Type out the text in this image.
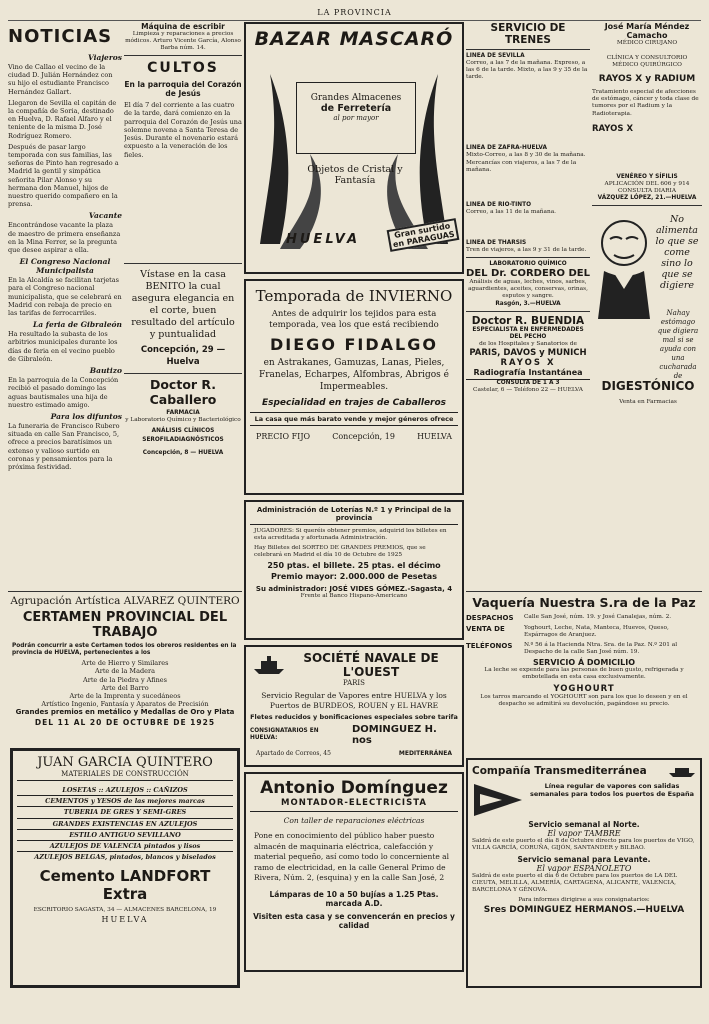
LA PROVINCIA
NOTICIAS
Viajeros

Vino de Callao el vecino de la ciudad D. Julián Hernández con su hijo el estudiante Francisco Hernández Gallart.

Llegaron de Sevilla el capitán de la compañía de Soria, destinado en Huelva, D. Rafael Alfaro y el teniente de la misma D. José Rodríguez Romero.

Después de pasar largo temporada con sus familias, las señoras de Pinto han regresado a Madrid la gentil y simpática señorita Pilar Alonso y su hermana don Manuel, hijos de nuestro querido compañero en la prensa.

Vacante

Encontrándose vacante la plaza de maestro de primera enseñanza en la Mina Ferrer, se la pregunta que desee aspirar a ella.

El Congreso Nacional Municipalista

En la Alcaldía se facilitan tarjetas para el Congreso nacional municipalista, que se celebrará en Madrid con rebaja de precio en las tarifas de ferrocarriles.

La feria de Gibraleón

Ha resultado la subasta de los arbitrios municipales durante los días de feria en el vecino pueblo de Gibraleón.

Bautizo

En la parroquia de la Concepción recibió el pasado domingo las aguas bautismales una hija de nuestro estimado amigo.

Para los difuntos

La funeraria de Francisco Rubero situada en calle San Francisco, 5, ofrece a precios baratísimos un extenso y valioso surtido en coronas y pensamientos para la próxima festividad.

Máquina de escribir

Limpieza y reparaciones a precios módicos. Arturo Vicente García, Alonso Barba núm. 14.

CULTOS
En la parroquia del Corazón de Jesús

El día 7 del corriente a las cuatro de la tarde, dará comienzo en la parroquia del Corazón de Jesús una solemne novena a Santa Teresa de Jesús. Durante el novenario estará expuesto a la veneración de los fieles.

Vístase en la casa BENITO la cual asegura elegancia en el corte, buen resultado del artículo y puntualidad
Concepción, 29 — Huelva
Doctor R. Caballero
FARMACIA
y Laboratorio Químico y Bacteriológico
ANÁLISIS CLÍNICOS
SEROFILADIAGNÓSTICOS
Concepción, 8 — HUELVA
BAZAR MASCARÓ
Grandes Almacenes
de Ferretería
al por mayor
Objetos de Cristal y Fantasía
HUELVA	Gran surtido en PARAGUAS
Temporada de INVIERNO
Antes de adquirir los tejidos para esta temporada, vea los que está recibiendo
DIEGO FIDALGO
en Astrakanes, Gamuzas, Lanas, Pieles, Franelas, Echarpes, Alfombras, Abrigos é Impermeables.
Especialidad en trajes de Caballeros
La casa que más barato vende y mejor géneros ofrece
PRECIO FIJO	Concepción, 19	HUELVA
Administración de Loterías N.º 1 y Principal de la provincia
JUGADORES: Si queréis obtener premios, adquirid los billetes en esta acreditada y afortunada Administración.
Hay Billetes del SORTEO DE GRANDES PREMIOS, que se celebrará en Madrid el día 10 de Octubre de 1925
250 ptas. el billete. 25 ptas. el décimo
Premio mayor: 2.000.000 de Pesetas
Su administrador: JOSÉ VIDES GÓMEZ.-Sagasta, 4
Frente al Banco Hispano-Americano
SOCIÉTÉ NAVALE DE L'OUEST
PARIS
Servicio Regular de Vapores entre HUELVA y los Puertos de BURDEOS, ROUEN y EL HAVRE
Fletes reducidos y bonificaciones especiales sobre tarifa
CONSIGNATARIOS EN HUELVA:
DOMINGUEZ H. nos
Apartado de Correos, 45	MEDITERRÁNEA
Antonio Domínguez
MONTADOR-ELECTRICISTA
Con taller de reparaciones eléctricas
Pone en conocimiento del público haber puesto almacén de maquinaria eléctrica, calefacción y material pequeño, así como todo lo concerniente al ramo de electricidad, en la calle General Primo de Rivera, Núm. 2, (esquina) y en la calle San José, 2
Lámparas de 10 a 50 bujías a 1.25 Ptas. marcada A.D.
Visiten esta casa y se convencerán en precios y calidad
Agrupación Artística ALVAREZ QUINTERO
CERTAMEN PROVINCIAL DEL TRABAJO
Podrán concurrir a este Certamen todos los obreros residentes en la provincia de HUELVA, pertenecientes a los
Arte de Hierro y Similares
Arte de la Madera
Arte de la Piedra y Afines
Arte del Barro
Arte de la Imprenta y sucedáneos
Artístico Ingenio, Fantasía y Aparatos de Precisión
Grandes premios en metálico y Medallas de Oro y Plata
DEL 11 AL 20 DE OCTUBRE DE 1925
JUAN GARCIA QUINTERO
MATERIALES DE CONSTRUCCIÓN
LOSETAS :: AZULEJOS :: CAÑIZOS
CEMENTOS y YESOS de las mejores marcas
TUBERIA DE GRES Y SEMI-GRES
GRANDES EXISTENCIAS EN AZULEJOS
ESTILO ANTIGUO SEVILLANO
AZULEJOS DE VALENCIA pintados y lisos
AZULEJOS BELGAS, pintados, blancos y biselados
Cemento LANDFORT Extra
ESCRITORIO SAGASTA, 34 — ALMACENES BARCELONA, 19
HUELVA
SERVICIO DE TRENES
LINEA DE SEVILLA

Correo, a las 7 de la mañana. Expreso, a las 6 de la tarde. Mixto, a las 9 y 35 de la tarde.

LINEA DE ZAFRA-HUELVA

Mixto-Correo, a las 8 y 30 de la mañana. Mercancías con viajeros, a las 7 de la mañana.

LINEA DE RIO-TINTO

Correo, a las 11 de la mañana.

LINEA DE THARSIS

Tren de viajeros, a las 9 y 31 de la tarde.

LABORATORIO QUÍMICO
DEL Dr. CORDERO DEL
Análisis de aguas, leches, vinos, sarbes, aguardientes, aceites, conservas, orinas, esputos y sangre.
Rasgón, 3.—HUELVA
Doctor R. BUENDIA
ESPECIALISTA EN ENFERMEDADES DEL PECHO
de los Hospitales y Sanatorios de
PARIS, DAVOS y MUNICH
RAYOS X
Radiografía Instantánea
CONSULTA DE 1 A 3
Castelar, 6 — Teléfono 22 — HUELVA
José María Méndez Camacho
MÉDICO CIRUJANO
CLÍNICA Y CONSULTORIO
MÉDICO QUIRÚRGICO
RAYOS X y RADIUM
Tratamiento especial de afecciones de estómago, cáncer y toda clase de tumores por el Radium y la Radioterapia.
RAYOS X

VENÉREO Y SÍFILIS
APLICACIÓN DEL 606 y 914
CONSULTA DIARIA
VÁZQUEZ LÓPEZ, 21.—HUELVA
No alimenta
lo que se come
sino lo que se digiere
Nahay estómago que digiera mal si se ayuda con una cucharada de
DIGESTÓNICO
Venta en Farmacias
Vaquería Nuestra S.ra de la Paz
DESPACHOS	Calle San José, núm. 19. y José Canalejas, núm. 2.
VENTA DE	Yoghourt, Leche, Nata, Manteca, Huevos, Queso, Espárragos de Aranjuez.
TELÉFONOS	N.º 56 á la Hacienda Ntra. Sra. de la Paz. N.º 201 al Despacho de la calle San José núm. 19.
SERVICIO Á DOMICILIO
La leche se expende para las personas de buen gusto, refrigerada y embotellada en esta casa exclusivamente.
YOGHOURT
Los tarros marcando el YOGHOURT son para los que lo deseen y en el despacho se admitirá su devolución, pagándose su precio.
Compañía Transmediterránea
Línea regular de vapores con salidas semanales para todos los puertos de España
Servicio semanal al Norte.
El vapor TAMBRE
Saldrá de este puerto el día 8 de Octubre directo para los puertos de VIGO, VILLA GARCÍA, CORUÑA, GIJÓN, SANTANDER y BILBAO.
Servicio semanal para Levante.
El vapor ESPAÑOLETO
Saldrá de este puerto el día 6 de Octubre para los puertos de LA DEL CIEUTA, MELILLA, ALMERÍA, CARTAGENA, ALICANTE, VALENCIA, BARCELONA Y GÉNOVA.
Para informes dirigirse a sus consignatarios:
Sres DOMINGUEZ HERMANOS.—HUELVA
